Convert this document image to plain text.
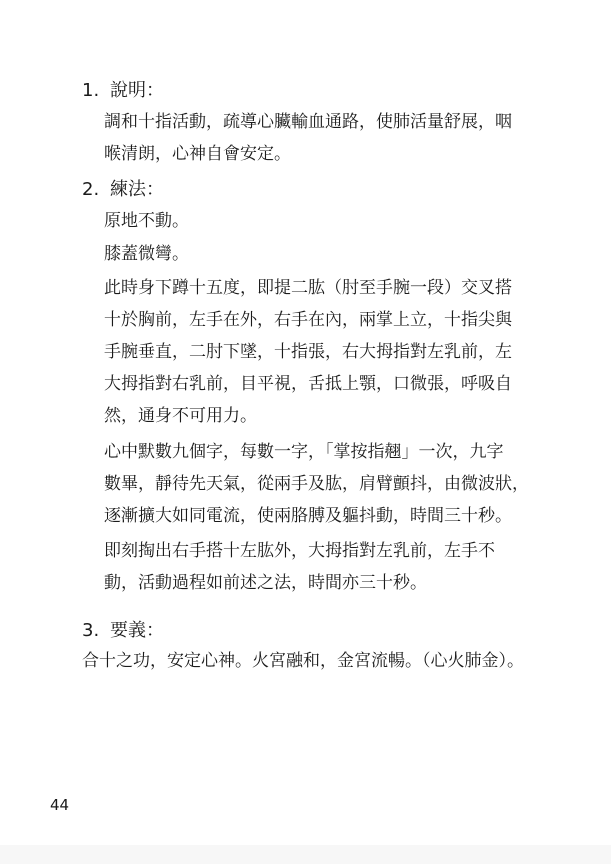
1. 說明：
調和十指活動，疏導心臟輸血通路，使肺活量舒展，咽
喉清朗，心神自會安定。
2. 練法：
原地不動。
膝蓋微彎。
此時身下蹲十五度，即提二肱（肘至手腕一段）交叉搭
十於胸前，左手在外，右手在內，兩掌上立，十指尖與
手腕垂直，二肘下墜，十指張，右大拇指對左乳前，左
大拇指對右乳前，目平視，舌抵上顎，口微張，呼吸自
然，通身不可用力。
心中默數九個字，每數一字，「掌按指翹」一次，九字
數畢，靜待先天氣，從兩手及肱，肩臂顫抖，由微波狀，
逐漸擴大如同電流，使兩胳膊及軀抖動，時間三十秒。
即刻掏出右手搭十左肱外，大拇指對左乳前，左手不
動，活動過程如前述之法，時間亦三十秒。
3. 要義：
合十之功，安定心神。火宮融和，金宮流暢。（心火肺金）。
44
